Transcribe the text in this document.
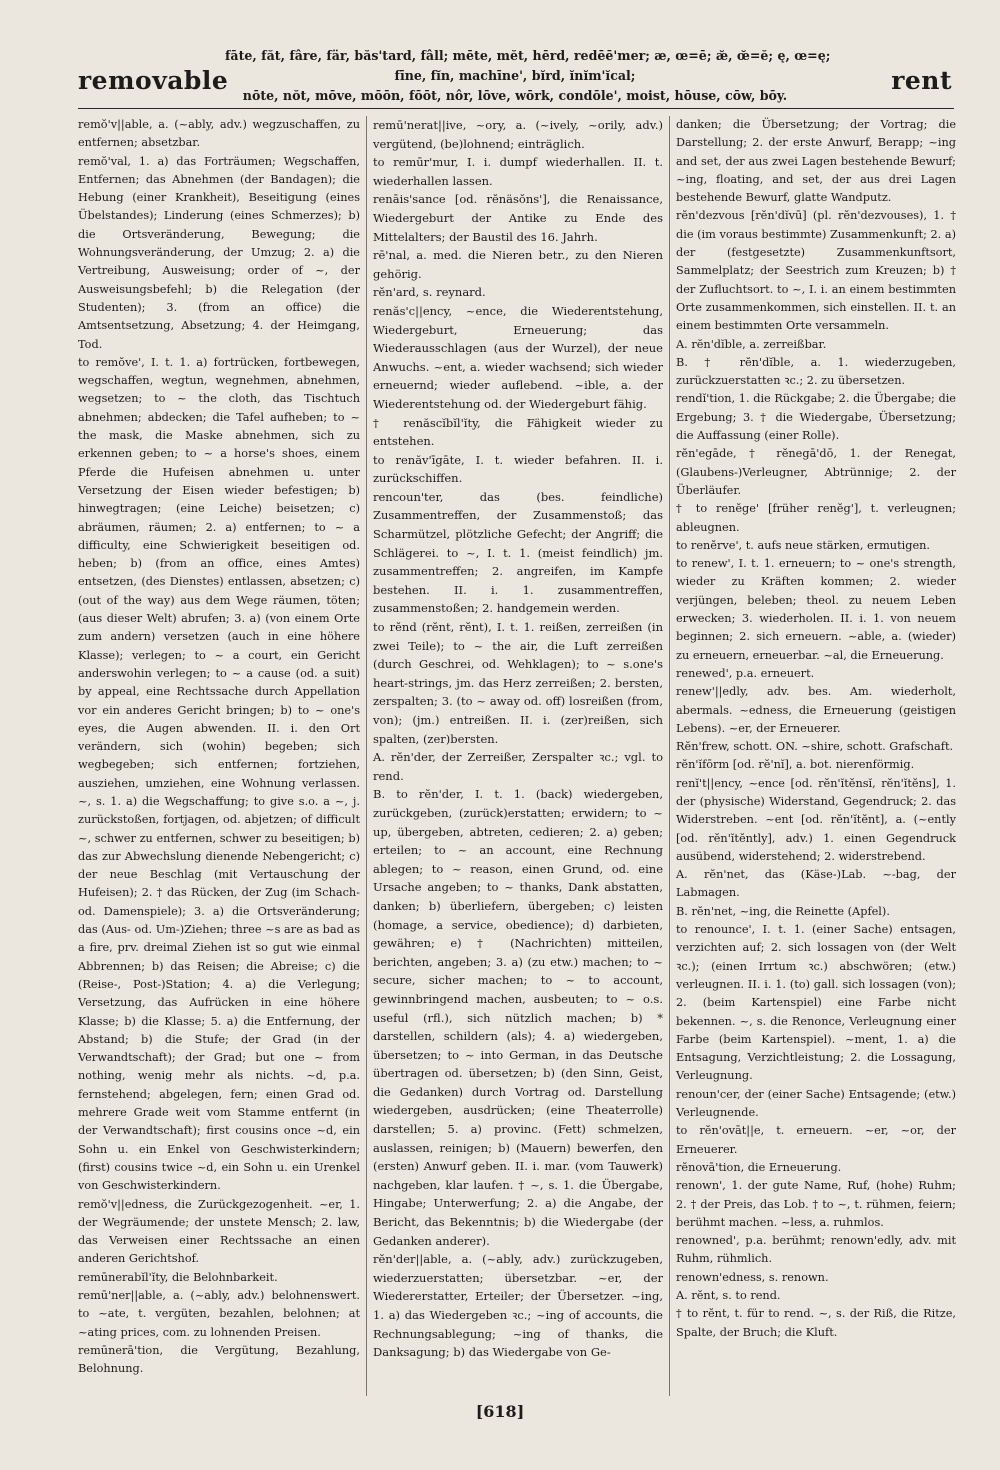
removable
fāte, făt, fâre, fär, băs'tard, fâll; mēte, mĕt, hērd, redēē'mer; æ, œ=ē; æ̆, œ̆=ĕ; ę, œ=ę;
fīne, fĭn, machīne', bĭrd, ĭnĭm'ĭcal;
nōte, nŏt, mōve, mōōn, fōōt, nôr, lōve, wōrk, condōle', moist, hōuse, cōw, bōy.
rent

remŏ'v||able, a. (~ably, adv.) wegzuschaffen, zu entfernen; absetzbar.

remŏ'val, 1. a) das Forträumen; Wegschaffen, Entfernen; das Abnehmen (der Bandagen); die Hebung (einer Krankheit), Beseitigung (eines Übelstandes); Linderung (eines Schmerzes); b) die Ortsveränderung, Bewegung; die Wohnungsveränderung, der Umzug; 2. a) die Vertreibung, Ausweisung; order of ~, der Ausweisungsbefehl; b) die Relegation (der Studenten); 3. (from an office) die Amtsentsetzung, Absetzung; 4. der Heimgang, Tod.

to remŏve', I. t. 1. a) fortrücken, fortbewegen, wegschaffen, wegtun, wegnehmen, abnehmen, wegsetzen; to ~ the cloth, das Tischtuch abnehmen; abdecken; die Tafel aufheben; to ~ the mask, die Maske abnehmen, sich zu erkennen geben; to ~ a horse's shoes, einem Pferde die Hufeisen abnehmen u. unter Versetzung der Eisen wieder befestigen; b) hinwegtragen; (eine Leiche) beisetzen; c) abräumen, räumen; 2. a) entfernen; to ~ a difficulty, eine Schwierigkeit beseitigen od. heben; b) (from an office, eines Amtes) entsetzen, (des Dienstes) entlassen, absetzen; c) (out of the way) aus dem Wege räumen, töten; (aus dieser Welt) abrufen; 3. a) (von einem Orte zum andern) versetzen (auch in eine höhere Klasse); verlegen; to ~ a court, ein Gericht anderswohin verlegen; to ~ a cause (od. a suit) by appeal, eine Rechtssache durch Appellation vor ein anderes Gericht bringen; b) to ~ one's eyes, die Augen abwenden. II. i. den Ort verändern, sich (wohin) begeben; sich wegbegeben; sich entfernen; fortziehen, ausziehen, umziehen, eine Wohnung verlassen. ~, s. 1. a) die Wegschaffung; to give s.o. a ~, j. zurückstoßen, fortjagen, od. abjetzen; of difficult ~, schwer zu entfernen, schwer zu beseitigen; b) das zur Abwechslung dienende Nebengericht; c) der neue Beschlag (mit Vertauschung der Hufeisen); 2. † das Rücken, der Zug (im Schach- od. Damenspiele); 3. a) die Ortsveränderung; das (Aus- od. Um-)Ziehen; three ~s are as bad as a fire, prv. dreimal Ziehen ist so gut wie einmal Abbrennen; b) das Reisen; die Abreise; c) die (Reise-, Post-)Station; 4. a) die Verlegung; Versetzung, das Aufrücken in eine höhere Klasse; b) die Klasse; 5. a) die Entfernung, der Abstand; b) die Stufe; der Grad (in der Verwandtschaft); der Grad; but one ~ from nothing, wenig mehr als nichts. ~d, p.a. fernstehend; abgelegen, fern; einen Grad od. mehrere Grade weit vom Stamme entfernt (in der Verwandtschaft); first cousins once ~d, ein Sohn u. ein Enkel von Geschwisterkindern; (first) cousins twice ~d, ein Sohn u. ein Urenkel von Geschwisterkindern.

remŏ'v||edness, die Zurückgezogenheit. ~er, 1. der Wegräumende; der unstete Mensch; 2. law, das Verweisen einer Rechtssache an einen anderen Gerichtshof.

remūnerabĭl'ĭty, die Belohnbarkeit.

remū'ner||able, a. (~ably, adv.) belohnenswert. to ~ate, t. vergüten, bezahlen, belohnen; at ~ating prices, com. zu lohnenden Preisen.

remūnerā'tion, die Vergütung, Bezahlung, Belohnung.

remū'nerat||ive, ~ory, a. (~ively, ~orily, adv.) vergütend, (be)lohnend; einträglich.

to remūr'mur, I. i. dumpf wiederhallen. II. t. wiederhallen lassen.

renāis'sance [od. rĕnäsŏns'], die Renaissance, Wiedergeburt der Antike zu Ende des Mittelalters; der Baustil des 16. Jahrh.

rē'nal, a. med. die Nieren betr., zu den Nieren gehörig.

rĕn'ard, s. reynard.

renăs'c||ency, ~ence, die Wiederentstehung, Wiedergeburt, Erneuerung; das Wiederausschlagen (aus der Wurzel), der neue Anwuchs. ~ent, a. wieder wachsend; sich wieder erneuernd; wieder auflebend. ~ible, a. der Wiederentstehung od. der Wiedergeburt fähig.

† renăscĭbĭl'ĭty, die Fähigkeit wieder zu entstehen.

to renăv'īgāte, I. t. wieder befahren. II. i. zurückschiffen.

rencoun'ter, das (bes. feindliche) Zusammentreffen, der Zusammenstoß; das Scharmützel, plötzliche Gefecht; der Angriff; die Schlägerei. to ~, I. t. 1. (meist feindlich) jm. zusammentreffen; 2. angreifen, im Kampfe bestehen. II. i. 1. zusammentreffen, zusammenstoßen; 2. handgemein werden.

to rĕnd (rĕnt, rĕnt), I. t. 1. reißen, zerreißen (in zwei Teile); to ~ the air, die Luft zerreißen (durch Geschrei, od. Wehklagen); to ~ s.one's heart-strings, jm. das Herz zerreißen; 2. bersten, zerspalten; 3. (to ~ away od. off) losreißen (from, von); (jm.) entreißen. II. i. (zer)reißen, sich spalten, (zer)bersten.

A. rĕn'der, der Zerreißer, Zerspalter ꝛc.; vgl. to rend.

B. to rĕn'der, I. t. 1. (back) wiedergeben, zurückgeben, (zurück)erstatten; erwidern; to ~ up, übergeben, abtreten, cedieren; 2. a) geben; erteilen; to ~ an account, eine Rechnung ablegen; to ~ reason, einen Grund, od. eine Ursache angeben; to ~ thanks, Dank abstatten, danken; b) überliefern, übergeben; c) leisten (homage, a service, obedience); d) darbieten, gewähren; e) † (Nachrichten) mitteilen, berichten, angeben; 3. a) (zu etw.) machen; to ~ secure, sicher machen; to ~ to account, gewinnbringend machen, ausbeuten; to ~ o.s. useful (rfl.), sich nützlich machen; b) * darstellen, schildern (als); 4. a) wiedergeben, übersetzen; to ~ into German, in das Deutsche übertragen od. übersetzen; b) (den Sinn, Geist, die Gedanken) durch Vortrag od. Darstellung wiedergeben, ausdrücken; (eine Theaterrolle) darstellen; 5. a) provinc. (Fett) schmelzen, auslassen, reinigen; b) (Mauern) bewerfen, den (ersten) Anwurf geben. II. i. mar. (vom Tauwerk) nachgeben, klar laufen. † ~, s. 1. die Übergabe, Hingabe; Unterwerfung; 2. a) die Angabe, der Bericht, das Bekenntnis; b) die Wiedergabe (der Gedanken anderer).

rĕn'der||able, a. (~ably, adv.) zurückzugeben, wiederzuerstatten; übersetzbar. ~er, der Wiedererstatter, Erteiler; der Übersetzer. ~ing, 1. a) das Wiedergeben ꝛc.; ~ing of accounts, die Rechnungsablegung; ~ing of thanks, die Danksagung; b) das Wiedergabe von Ge-

danken; die Übersetzung; der Vortrag; die Darstellung; 2. der erste Anwurf, Berapp; ~ing and set, der aus zwei Lagen bestehende Bewurf; ~ing, floating, and set, der aus drei Lagen bestehende Bewurf, glatte Wandputz.

rĕn'dezvous [rĕn'dĭvū] (pl. rĕn'dezvouses), 1. † die (im voraus bestimmte) Zusammenkunft; 2. a) der (festgesetzte) Zusammenkunftsort, Sammelplatz; der Seestrich zum Kreuzen; b) † der Zufluchtsort. to ~, I. i. an einem bestimmten Orte zusammenkommen, sich einstellen. II. t. an einem bestimmten Orte versammeln.

A. rĕn'dĭble, a. zerreißbar.

B. † rĕn'dĭble, a. 1. wiederzugeben, zurückzuerstatten ꝛc.; 2. zu übersetzen.

rendĭ'tion, 1. die Rückgabe; 2. die Übergabe; die Ergebung; 3. † die Wiedergabe, Übersetzung; die Auffassung (einer Rolle).

rĕn'egāde, † rĕnegā'dō, 1. der Renegat, (Glaubens-)Verleugner, Abtrünnige; 2. der Überläufer.

† to renĕge' [früher renĕg'], t. verleugnen; ableugnen.

to renĕrve', t. aufs neue stärken, ermutigen.

to renew', I. t. 1. erneuern; to ~ one's strength, wieder zu Kräften kommen; 2. wieder verjüngen, beleben; theol. zu neuem Leben erwecken; 3. wiederholen. II. i. 1. von neuem beginnen; 2. sich erneuern. ~able, a. (wieder) zu erneuern, erneuerbar. ~al, die Erneuerung.

renewed', p.a. erneuert.

renew'||edly, adv. bes. Am. wiederholt, abermals. ~edness, die Erneuerung (geistigen Lebens). ~er, der Erneuerer.

Rĕn'frew, schott. ON. ~shire, schott. Grafschaft.

rĕn'ĭfōrm [od. rĕ'nĭ], a. bot. nierenförmig.

renĭ't||ency, ~ence [od. rĕn'ĭtĕnsĭ, rĕn'ĭtĕns], 1. der (physische) Widerstand, Gegendruck; 2. das Widerstreben. ~ent [od. rĕn'ĭtĕnt], a. (~ently [od. rĕn'ĭtĕntly], adv.) 1. einen Gegendruck ausübend, widerstehend; 2. widerstrebend.

A. rĕn'net, das (Käse-)Lab. ~-bag, der Labmagen.

B. rĕn'net, ~ing, die Reinette (Apfel).

to renounce', I. t. 1. (einer Sache) entsagen, verzichten auf; 2. sich lossagen von (der Welt ꝛc.); (einen Irrtum ꝛc.) abschwören; (etw.) verleugnen. II. i. 1. (to) gall. sich lossagen (von); 2. (beim Kartenspiel) eine Farbe nicht bekennen. ~, s. die Renonce, Verleugnung einer Farbe (beim Kartenspiel). ~ment, 1. a) die Entsagung, Verzichtleistung; 2. die Lossagung, Verleugnung.

renoun'cer, der (einer Sache) Entsagende; (etw.) Verleugnende.

to rĕn'ovāt||e, t. erneuern. ~er, ~or, der Erneuerer.

rĕnovā'tion, die Erneuerung.

renown', 1. der gute Name, Ruf, (hohe) Ruhm; 2. † der Preis, das Lob. † to ~, t. rühmen, feiern; berühmt machen. ~less, a. ruhmlos.

renowned', p.a. berühmt; renown'edly, adv. mit Ruhm, rühmlich.

renown'edness, s. renown.

A. rĕnt, s. to rend.

† to rĕnt, t. für to rend. ~, s. der Riß, die Ritze, Spalte, der Bruch; die Kluft.

[618]
